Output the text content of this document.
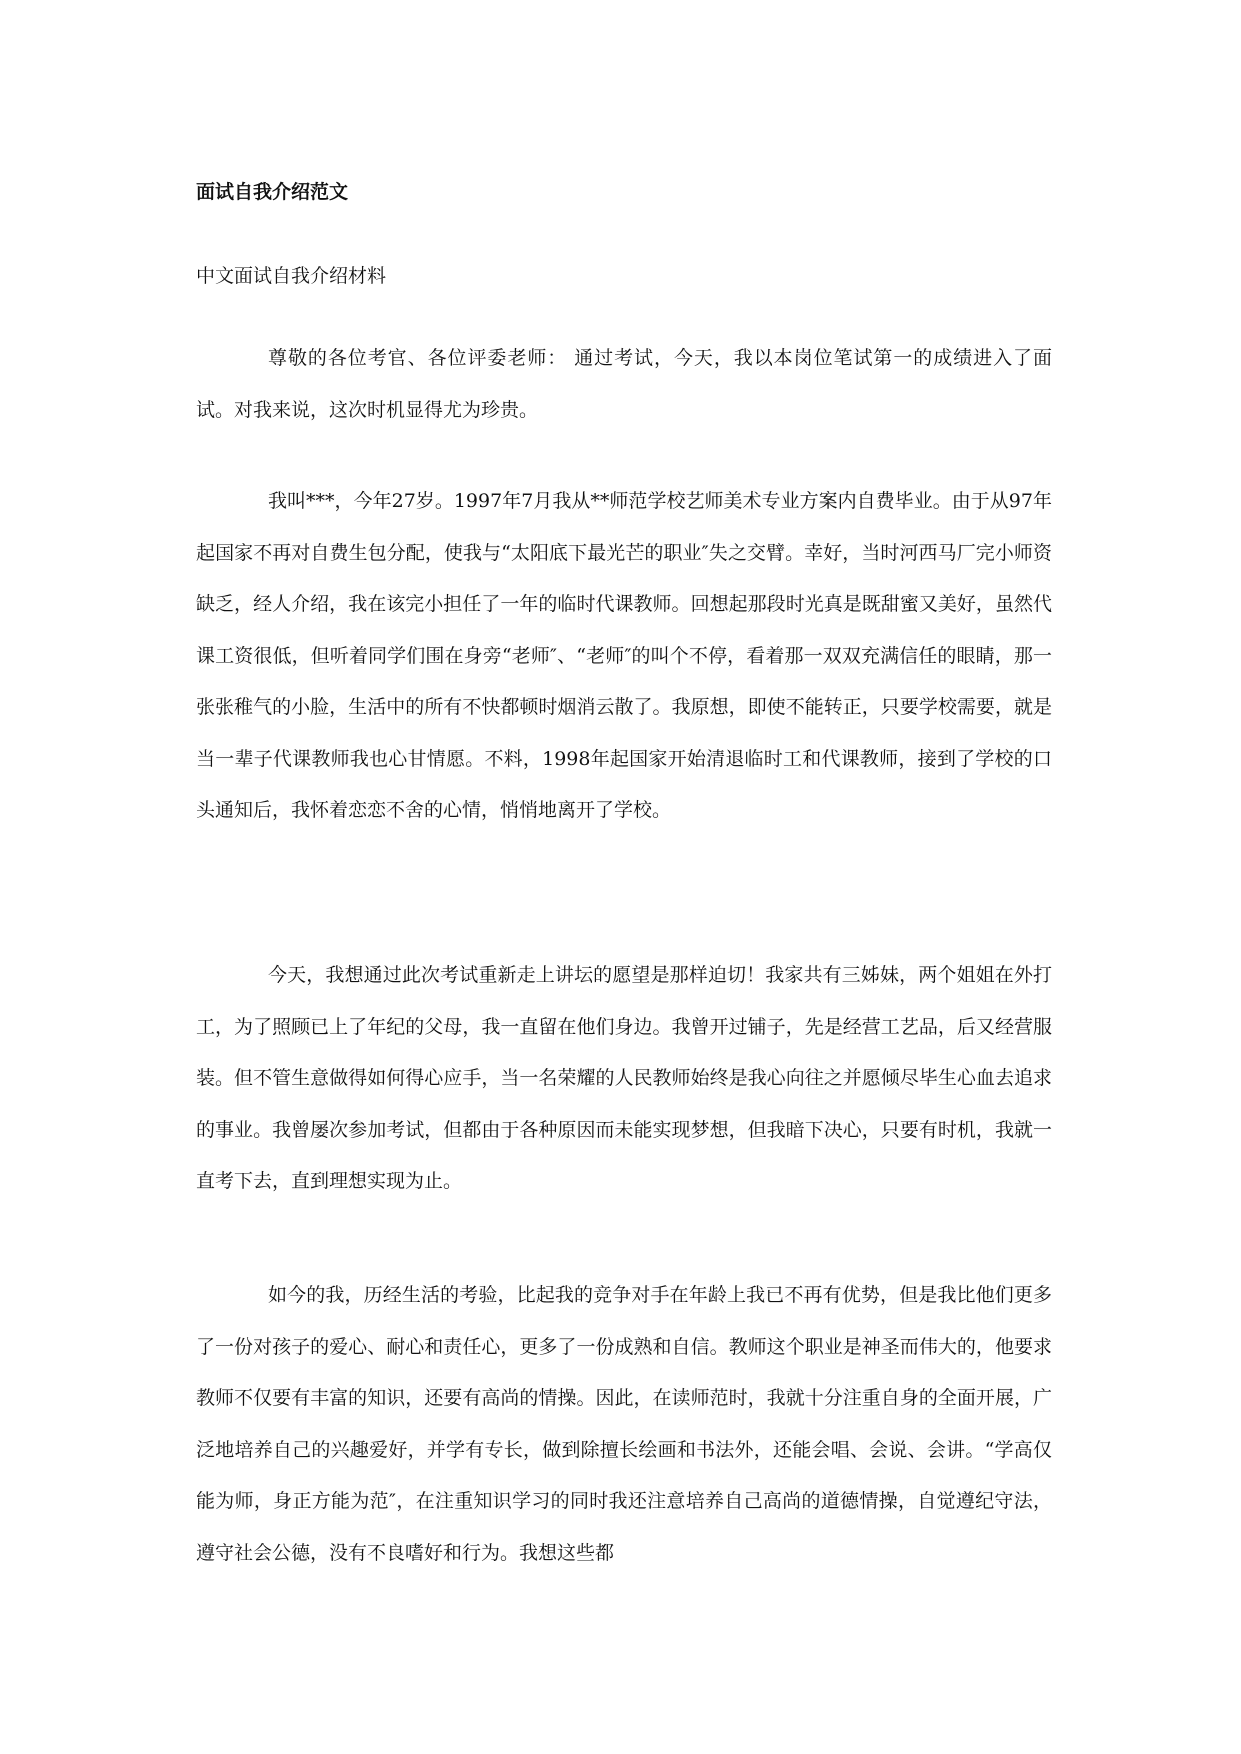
面试自我介绍范文

中文面试自我介绍材料

尊敬的各位考官、各位评委老师： 通过考试，今天，我以本岗位笔试第一的成绩进入了面试。对我来说，这次时机显得尤为珍贵。

我叫***，今年27岁。1997年7月我从**师范学校艺师美术专业方案内自费毕业。由于从97年起国家不再对自费生包分配，使我与“太阳底下最光芒的职业″失之交臂。幸好，当时河西马厂完小师资缺乏，经人介绍，我在该完小担任了一年的临时代课教师。回想起那段时光真是既甜蜜又美好，虽然代课工资很低，但听着同学们围在身旁“老师″、“老师″的叫个不停，看着那一双双充满信任的眼睛，那一张张稚气的小脸，生活中的所有不快都顿时烟消云散了。我原想，即使不能转正，只要学校需要，就是当一辈子代课教师我也心甘情愿。不料，1998年起国家开始清退临时工和代课教师，接到了学校的口头通知后，我怀着恋恋不舍的心情，悄悄地离开了学校。

今天，我想通过此次考试重新走上讲坛的愿望是那样迫切！我家共有三姊妹，两个姐姐在外打工，为了照顾已上了年纪的父母，我一直留在他们身边。我曾开过铺子，先是经营工艺品，后又经营服装。但不管生意做得如何得心应手，当一名荣耀的人民教师始终是我心向往之并愿倾尽毕生心血去追求的事业。我曾屡次参加考试，但都由于各种原因而未能实现梦想，但我暗下决心，只要有时机，我就一直考下去，直到理想实现为止。

如今的我，历经生活的考验，比起我的竞争对手在年龄上我已不再有优势，但是我比他们更多了一份对孩子的爱心、耐心和责任心，更多了一份成熟和自信。教师这个职业是神圣而伟大的，他要求教师不仅要有丰富的知识，还要有高尚的情操。因此，在读师范时，我就十分注重自身的全面开展，广泛地培养自己的兴趣爱好，并学有专长，做到除擅长绘画和书法外，还能会唱、会说、会讲。“学高仅能为师，身正方能为范″，在注重知识学习的同时我还注意培养自己高尚的道德情操，自觉遵纪守法，遵守社会公德，没有不良嗜好和行为。我想这些都
